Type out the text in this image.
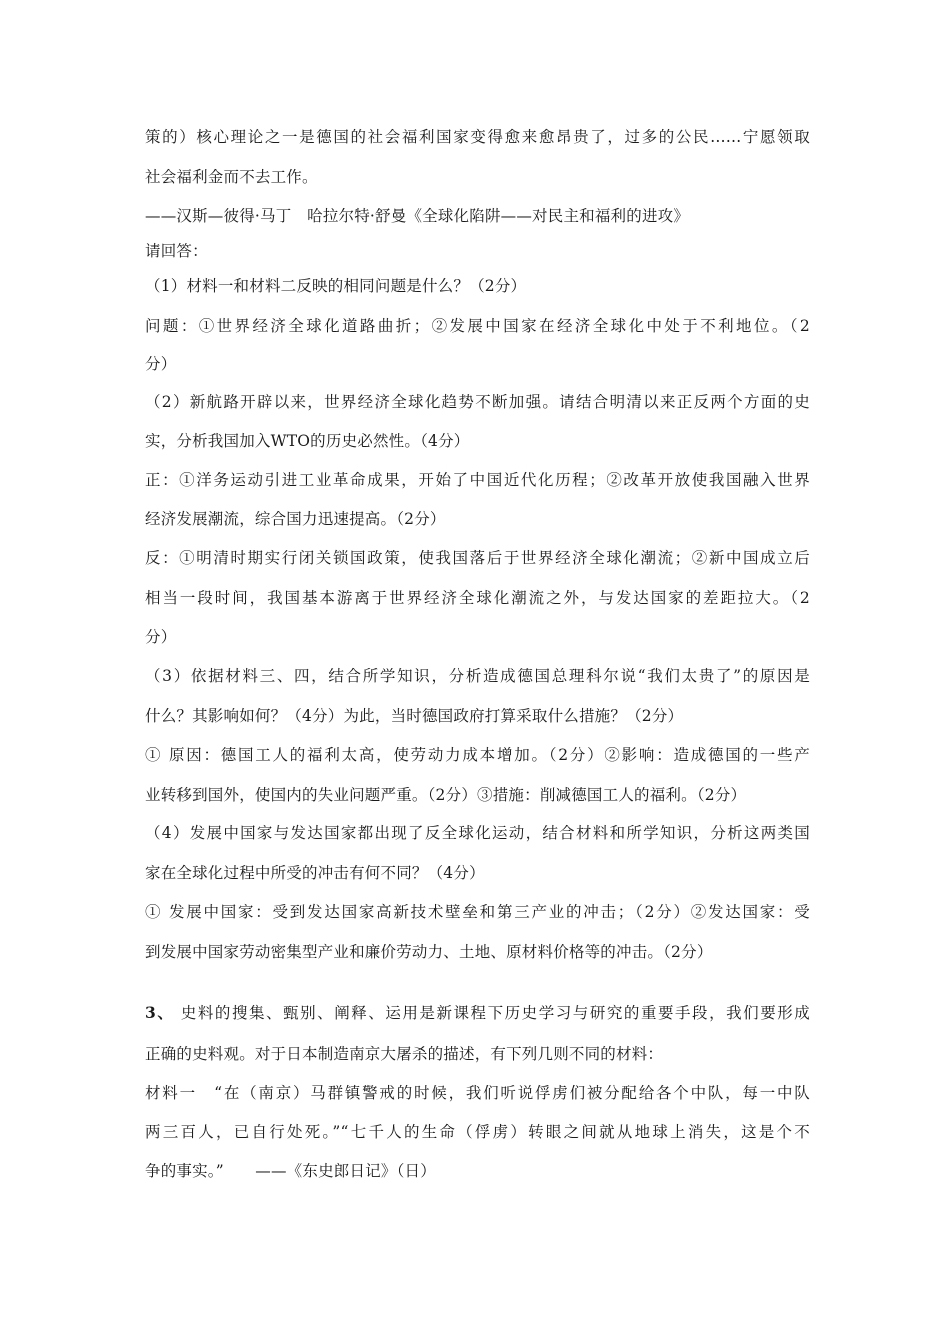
策的）核心理论之一是德国的社会福利国家变得愈来愈昂贵了，过多的公民……宁愿领取
社会福利金而不去工作。
——汉斯—彼得·马丁　哈拉尔特·舒曼《全球化陷阱——对民主和福利的进攻》
请回答：
（1）材料一和材料二反映的相同问题是什么？（2分）
问题：①世界经济全球化道路曲折；②发展中国家在经济全球化中处于不利地位。（2
分）
（2）新航路开辟以来，世界经济全球化趋势不断加强。请结合明清以来正反两个方面的史
实，分析我国加入WTO的历史必然性。（4分）
正：①洋务运动引进工业革命成果，开始了中国近代化历程；②改革开放使我国融入世界
经济发展潮流，综合国力迅速提高。（2分）
反：①明清时期实行闭关锁国政策，使我国落后于世界经济全球化潮流；②新中国成立后
相当一段时间，我国基本游离于世界经济全球化潮流之外，与发达国家的差距拉大。（2
分）
（3）依据材料三、四，结合所学知识，分析造成德国总理科尔说“我们太贵了”的原因是
什么？其影响如何？（4分）为此，当时德国政府打算采取什么措施？（2分）
① 原因：德国工人的福利太高，使劳动力成本增加。（2分）②影响：造成德国的一些产
业转移到国外，使国内的失业问题严重。（2分）③措施：削减德国工人的福利。（2分）
（4）发展中国家与发达国家都出现了反全球化运动，结合材料和所学知识，分析这两类国
家在全球化过程中所受的冲击有何不同？（4分）
① 发展中国家：受到发达国家高新技术壁垒和第三产业的冲击；（2分）②发达国家：受
到发展中国家劳动密集型产业和廉价劳动力、土地、原材料价格等的冲击。（2分）
3、 史料的搜集、甄别、阐释、运用是新课程下历史学习与研究的重要手段，我们要形成
正确的史料观。对于日本制造南京大屠杀的描述，有下列几则不同的材料：
材料一　“在（南京）马群镇警戒的时候，我们听说俘虏们被分配给各个中队，每一中队
两三百人，已自行处死。”“七千人的生命（俘虏）转眼之间就从地球上消失，这是个不
争的事实。”　　——《东史郎日记》（日）
